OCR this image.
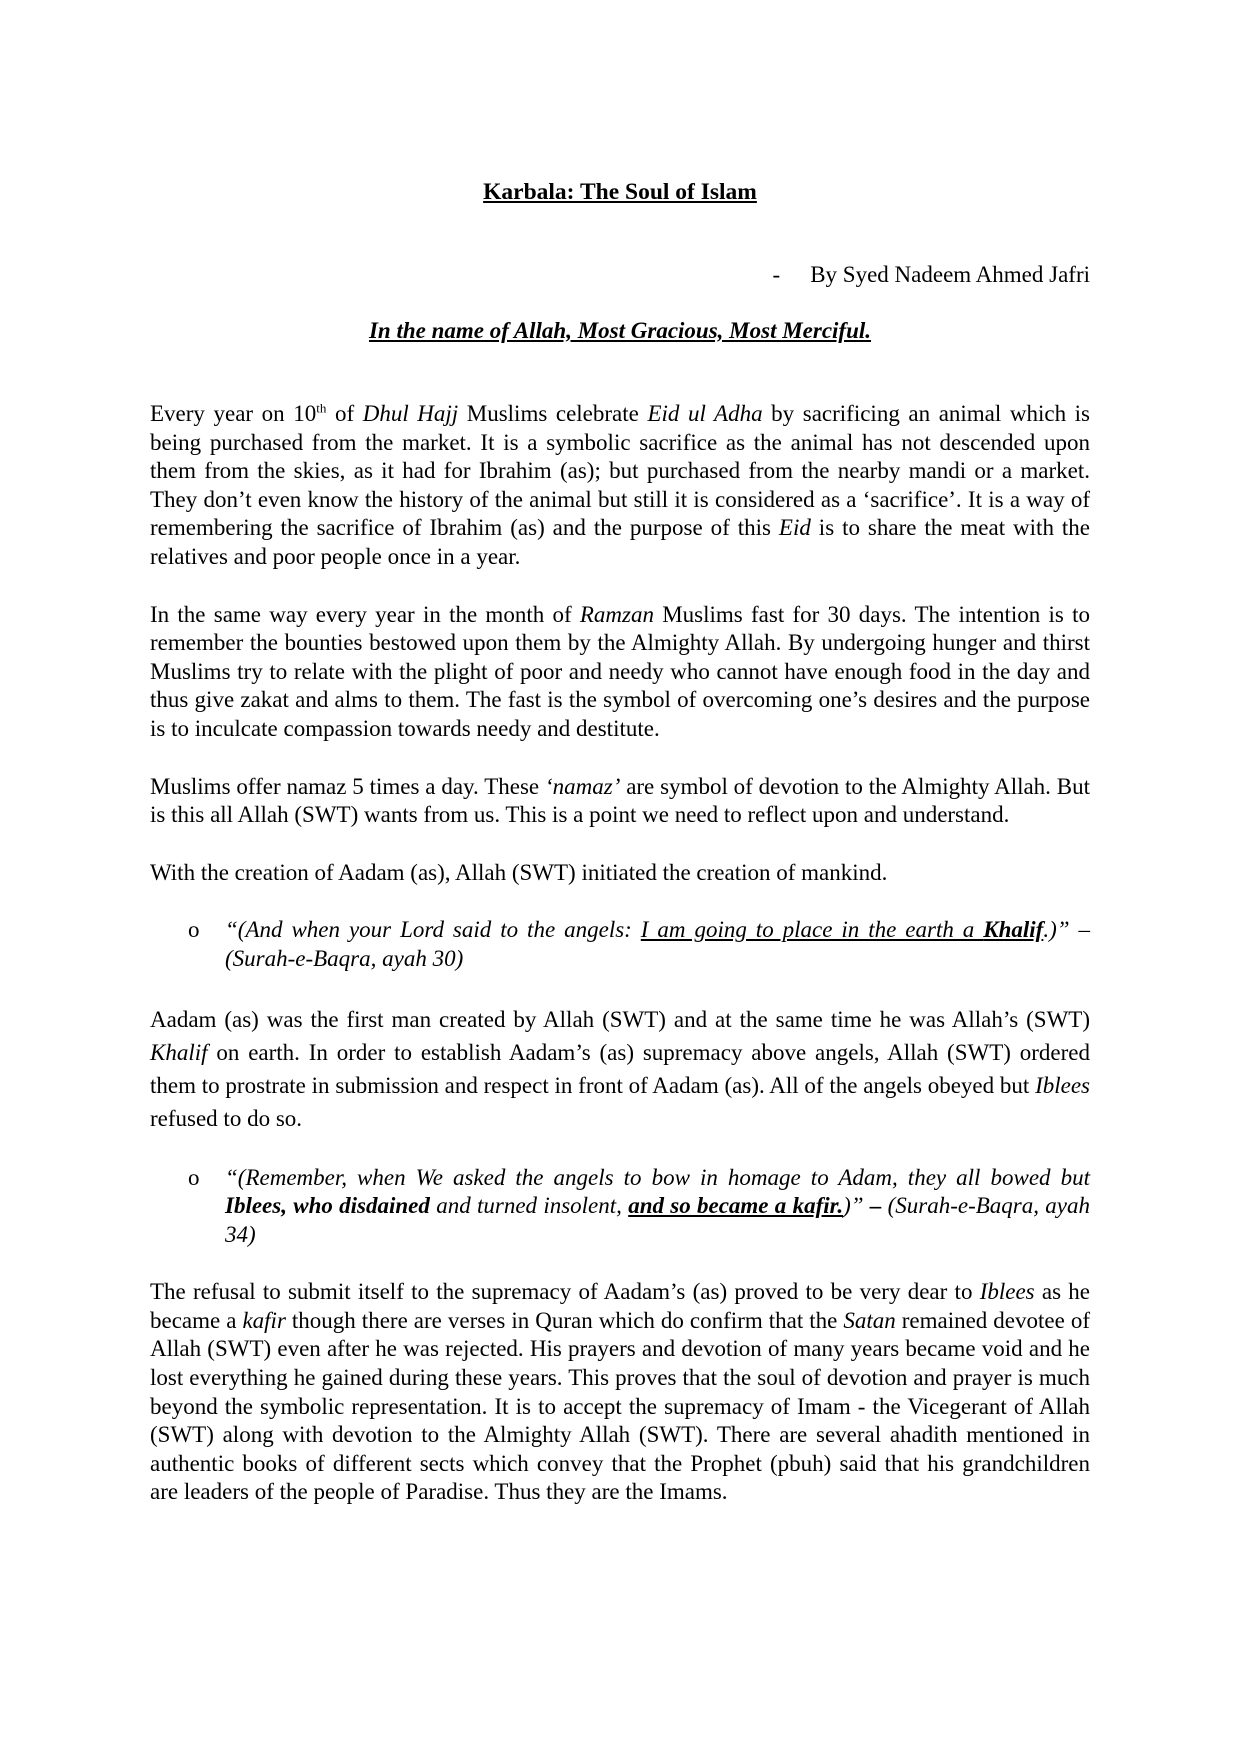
Karbala: The Soul of Islam
- By Syed Nadeem Ahmed Jafri
In the name of Allah, Most Gracious, Most Merciful.

Every year on 10th of Dhul Hajj Muslims celebrate Eid ul Adha by sacrificing an animal which is being purchased from the market. It is a symbolic sacrifice as the animal has not descended upon them from the skies, as it had for Ibrahim (as); but purchased from the nearby mandi or a market. They don’t even know the history of the animal but still it is considered as a ‘sacrifice’. It is a way of remembering the sacrifice of Ibrahim (as) and the purpose of this Eid is to share the meat with the relatives and poor people once in a year.

In the same way every year in the month of Ramzan Muslims fast for 30 days. The intention is to remember the bounties bestowed upon them by the Almighty Allah. By undergoing hunger and thirst Muslims try to relate with the plight of poor and needy who cannot have enough food in the day and thus give zakat and alms to them. The fast is the symbol of overcoming one’s desires and the purpose is to inculcate compassion towards needy and destitute.

Muslims offer namaz 5 times a day. These ‘namaz’ are symbol of devotion to the Almighty Allah. But is this all Allah (SWT) wants from us. This is a point we need to reflect upon and understand.

With the creation of Aadam (as), Allah (SWT) initiated the creation of mankind.

o “(And when your Lord said to the angels: I am going to place in the earth a Khalif.)” – (Surah-e-Baqra, ayah 30)

Aadam (as) was the first man created by Allah (SWT) and at the same time he was Allah’s (SWT) Khalif on earth. In order to establish Aadam’s (as) supremacy above angels, Allah (SWT) ordered them to prostrate in submission and respect in front of Aadam (as). All of the angels obeyed but Iblees refused to do so.

o “(Remember, when We asked the angels to bow in homage to Adam, they all bowed but Iblees, who disdained and turned insolent, and so became a kafir.)” – (Surah-e-Baqra, ayah 34)

The refusal to submit itself to the supremacy of Aadam’s (as) proved to be very dear to Iblees as he became a kafir though there are verses in Quran which do confirm that the Satan remained devotee of Allah (SWT) even after he was rejected. His prayers and devotion of many years became void and he lost everything he gained during these years. This proves that the soul of devotion and prayer is much beyond the symbolic representation. It is to accept the supremacy of Imam - the Vicegerant of Allah (SWT) along with devotion to the Almighty Allah (SWT). There are several ahadith mentioned in authentic books of different sects which convey that the Prophet (pbuh) said that his grandchildren are leaders of the people of Paradise. Thus they are the Imams.
